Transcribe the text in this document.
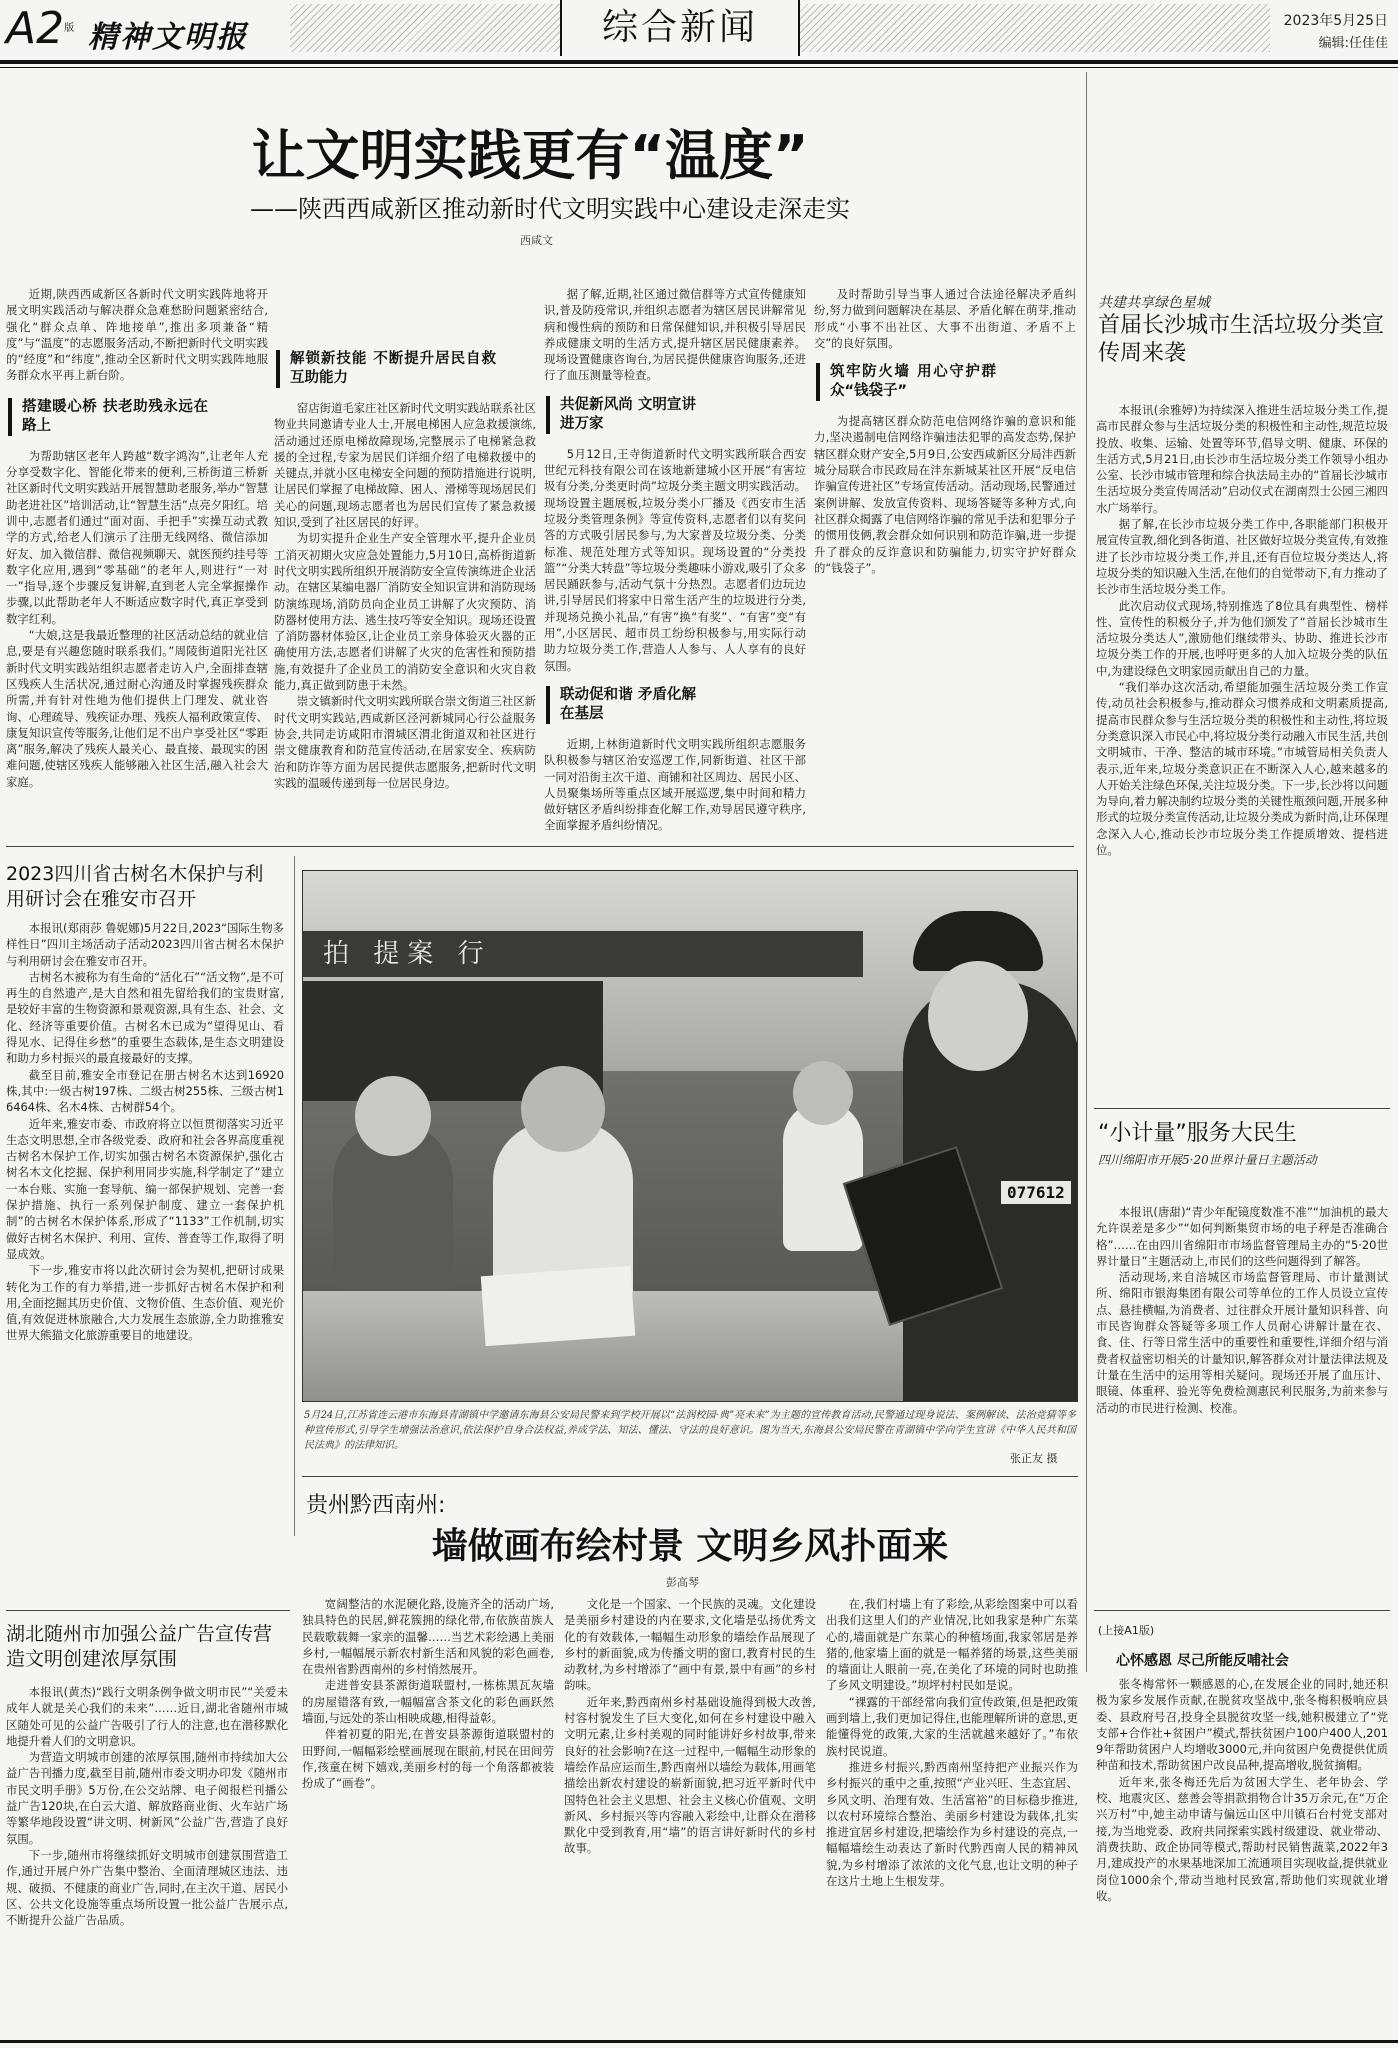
A2版 精神文明报	综合新闻	2023年5月25日
编辑:任佳佳
让文明实践更有“温度”
——陕西西咸新区推动新时代文明实践中心建设走深走实
西咸文

近期,陕西西咸新区各新时代文明实践阵地将开展文明实践活动与解决群众急难愁盼问题紧密结合,强化“群众点单、阵地接单”,推出多项兼备“精度”与“温度”的志愿服务活动,不断把新时代文明实践的“经度”和“纬度”,推动全区新时代文明实践阵地服务群众水平再上新台阶。

搭建暖心桥 扶老助残永远在路上

为帮助辖区老年人跨越“数字鸿沟”,让老年人充分享受数字化、智能化带来的便利,三桥街道三桥新社区新时代文明实践站开展智慧助老服务,举办“智慧助老进社区”培训活动,让“智慧生活”点亮夕阳红。培训中,志愿者们通过“面对面、手把手”实操互动式教学的方式,给老人们演示了注册无线网络、微信添加好友、加入微信群、微信视频聊天、就医预约挂号等数字化应用,遇到“零基础”的老年人,则进行“一对一”指导,逐个步骤反复讲解,直到老人完全掌握操作步骤,以此帮助老年人不断适应数字时代,真正享受到数字红利。

“大娘,这是我最近整理的社区活动总结的就业信息,要是有兴趣您随时联系我们。”周陵街道阳光社区新时代文明实践站组织志愿者走访入户,全面排查辖区残疾人生活状况,通过耐心沟通及时掌握残疾群众所需,并有针对性地为他们提供上门理发、就业咨询、心理疏导、残疾证办理、残疾人福利政策宣传、康复知识宣传等服务,让他们足不出户享受社区“零距离”服务,解决了残疾人最关心、最直接、最现实的困难问题,使辖区残疾人能够融入社区生活,融入社会大家庭。

解锁新技能 不断提升居民自救互助能力

窑店街道毛家庄社区新时代文明实践站联系社区物业共同邀请专业人士,开展电梯困人应急救援演练,活动通过还原电梯故障现场,完整展示了电梯紧急救援的全过程,专家为居民们详细介绍了电梯救援中的关键点,并就小区电梯安全问题的预防措施进行说明,让居民们掌握了电梯故障、困人、滑梯等现场居民们关心的问题,现场志愿者也为居民们宣传了紧急救援知识,受到了社区居民的好评。

为切实提升企业生产安全管理水平,提升企业员工消灭初期火灾应急处置能力,5月10日,高桥街道新时代文明实践所组织开展消防安全宣传演练进企业活动。在辖区某编电器厂消防安全知识宣讲和消防现场防演练现场,消防员向企业员工讲解了火灾预防、消防器材使用方法、逃生技巧等安全知识。现场还设置了消防器材体验区,让企业员工亲身体验灭火器的正确使用方法,志愿者们讲解了火灾的危害性和预防措施,有效提升了企业员工的消防安全意识和火灾自救能力,真正做到防患于未然。

崇文镇新时代文明实践所联合崇文街道三社区新时代文明实践站,西咸新区泾河新城同心行公益服务协会,共同走访咸阳市渭城区渭北街道双和社区进行崇文健康教育和防范宣传活动,在居家安全、疾病防治和防诈等方面为居民提供志愿服务,把新时代文明实践的温暖传递到每一位居民身边。

据了解,近期,社区通过微信群等方式宣传健康知识,普及防疫常识,并组织志愿者为辖区居民讲解常见病和慢性病的预防和日常保健知识,并积极引导居民养成健康文明的生活方式,提升辖区居民健康素养。现场设置健康咨询台,为居民提供健康咨询服务,还进行了血压测量等检查。

共促新风尚 文明宣讲进万家

5月12日,王寺街道新时代文明实践所联合西安世纪元科技有限公司在该地新建城小区开展“有害垃圾有分类,分类更时尚”垃圾分类主题文明实践活动。现场设置主题展板,垃圾分类小厂播及《西安市生活垃圾分类管理条例》等宣传资料,志愿者们以有奖问答的方式吸引居民参与,为大家普及垃圾分类、分类标准、规范处理方式等知识。现场设置的“分类投篮”“分类大转盘”等垃圾分类趣味小游戏,吸引了众多居民踊跃参与,活动气氛十分热烈。志愿者们边玩边讲,引导居民们将家中日常生活产生的垃圾进行分类,并现场兑换小礼品,“有害”换“有奖”、“有害”变“有用”,小区居民、超市员工纷纷积极参与,用实际行动助力垃圾分类工作,营造人人参与、人人享有的良好氛围。

联动促和谐 矛盾化解在基层

近期,上林街道新时代文明实践所组织志愿服务队积极参与辖区治安巡逻工作,同新街道、社区干部一同对沿街主次干道、商铺和社区周边、居民小区、人员聚集场所等重点区域开展巡逻,集中时间和精力做好辖区矛盾纠纷排查化解工作,劝导居民遵守秩序,全面掌握矛盾纠纷情况。

及时帮助引导当事人通过合法途径解决矛盾纠纷,努力做到问题解决在基层、矛盾化解在萌芽,推动形成“小事不出社区、大事不出街道、矛盾不上交”的良好氛围。

筑牢防火墙 用心守护群众“钱袋子”

为提高辖区群众防范电信网络诈骗的意识和能力,坚决遏制电信网络诈骗违法犯罪的高发态势,保护辖区群众财产安全,5月9日,公安西咸新区分局沣西新城分局联合市民政局在沣东新城某社区开展“反电信诈骗宣传进社区”专场宣传活动。活动现场,民警通过案例讲解、发放宣传资料、现场答疑等多种方式,向社区群众揭露了电信网络诈骗的常见手法和犯罪分子的惯用伎俩,教会群众如何识别和防范诈骗,进一步提升了群众的反诈意识和防骗能力,切实守护好群众的“钱袋子”。

共建共享绿色星城
首届长沙城市生活垃圾分类宣传周来袭

本报讯(余雅婷)为持续深入推进生活垃圾分类工作,提高市民群众参与生活垃圾分类的积极性和主动性,规范垃圾投放、收集、运输、处置等环节,倡导文明、健康、环保的生活方式,5月21日,由长沙市生活垃圾分类工作领导小组办公室、长沙市城市管理和综合执法局主办的“首届长沙城市生活垃圾分类宣传周活动”启动仪式在湖南烈士公园三湘四水广场举行。

据了解,在长沙市垃圾分类工作中,各职能部门积极开展宣传宣教,细化到各街道、社区做好垃圾分类宣传,有效推进了长沙市垃圾分类工作,并且,还有百位垃圾分类达人,将垃圾分类的知识融入生活,在他们的自觉带动下,有力推动了长沙市生活垃圾分类工作。

此次启动仪式现场,特别推选了8位具有典型性、榜样性、宣传性的积极分子,并为他们颁发了“首届长沙城市生活垃圾分类达人”,激励他们继续带头、协助、推进长沙市垃圾分类工作的开展,也呼吁更多的人加入垃圾分类的队伍中,为建设绿色文明家园贡献出自己的力量。

“我们举办这次活动,希望能加强生活垃圾分类工作宣传,动员社会积极参与,推动群众习惯养成和文明素质提高,提高市民群众参与生活垃圾分类的积极性和主动性,将垃圾分类意识深入市民心中,将垃圾分类行动融入市民生活,共创文明城市、干净、整洁的城市环境。”市城管局相关负责人表示,近年来,垃圾分类意识正在不断深入人心,越来越多的人开始关注绿色环保,关注垃圾分类。下一步,长沙将以问题为导向,着力解决制约垃圾分类的关键性瓶颈问题,开展多种形式的垃圾分类宣传活动,让垃圾分类成为新时尚,让环保理念深入人心,推动长沙市垃圾分类工作提质增效、提档进位。

“小计量”服务大民生
四川绵阳市开展5·20世界计量日主题活动

本报讯(唐甜)“青少年配镜度数准不准”“加油机的最大允许误差是多少”“如何判断集贸市场的电子秤是否准确合格”……在由四川省绵阳市市场监督管理局主办的“5·20世界计量日”主题活动上,市民们的这些问题得到了解答。

活动现场,来自涪城区市场监督管理局、市计量测试所、绵阳市银海集团有限公司等单位的工作人员设立宣传点、悬挂横幅,为消费者、过往群众开展计量知识科普、向市民咨询群众答疑等多项工作人员耐心讲解计量在衣、食、住、行等日常生活中的重要性和重要性,详细介绍与消费者权益密切相关的计量知识,解答群众对计量法律法规及计量在生活中的运用等相关疑问。现场还开展了血压计、眼镜、体重秤、验光等免费检测惠民利民服务,为前来参与活动的市民进行检测、校准。

2023四川省古树名木保护与利用研讨会在雅安市召开

本报讯(郑雨莎 鲁妮娜)5月22日,2023“国际生物多样性日”四川主场活动子活动2023四川省古树名木保护与利用研讨会在雅安市召开。

古树名木被称为有生命的“活化石”“活文物”,是不可再生的自然遗产,是大自然和祖先留给我们的宝贵财富,是较好丰富的生物资源和景观资源,具有生态、社会、文化、经济等重要价值。古树名木已成为“望得见山、看得见水、记得住乡愁”的重要生态载体,是生态文明建设和助力乡村振兴的最直接最好的支撑。

截至目前,雅安全市登记在册古树名木达到16920株,其中:一级古树197株、二级古树255株、三级古树16464株、名木4株、古树群54个。

近年来,雅安市委、市政府将立以恒贯彻落实习近平生态文明思想,全市各级党委、政府和社会各界高度重视古树名木保护工作,切实加强古树名木资源保护,强化古树名木文化挖掘、保护利用同步实施,科学制定了“建立一本台账、实施一套导航、编一部保护规划、完善一套保护措施、执行一系列保护制度、建立一套保护机制”的古树名木保护体系,形成了“1133”工作机制,切实做好古树名木保护、利用、宣传、普查等工作,取得了明显成效。

下一步,雅安市将以此次研讨会为契机,把研讨成果转化为工作的有力举措,进一步抓好古树名木保护和利用,全面挖掘其历史价值、文物价值、生态价值、观光价值,有效促进林旅融合,大力发展生态旅游,全力助推雅安世界大熊猫文化旅游重要目的地建设。

拍 提案 行
077612
5月24日,江苏省连云港市东海县青湖镇中学邀请东海县公安局民警来到学校开展以“法润校园·典”亮未来”为主题的宣传教育活动,民警通过现身说法、案例解读、法治竞猜等多种宣传形式,引导学生增强法治意识,依法保护自身合法权益,养成学法、知法、懂法、守法的良好意识。图为当天,东海县公安局民警在青湖镇中学向学生宣讲《中华人民共和国民法典》的法律知识。
张正友 摄
贵州黔西南州:
墙做画布绘村景 文明乡风扑面来
彭高琴

宽阔整洁的水泥硬化路,设施齐全的活动广场,独具特色的民居,鲜花簇拥的绿化带,布依族苗族人民载歌载舞一家亲的温馨……当艺术彩绘遇上美丽乡村,一幅幅展示新农村新生活和风貌的彩色画卷,在贵州省黔西南州的乡村悄然展开。

走进普安县茶源街道联盟村,一栋栋黑瓦灰墙的房屋错落有致,一幅幅富含茶文化的彩色画跃然墙面,与远处的茶山相映成趣,相得益彰。

伴着初夏的阳光,在普安县茶源街道联盟村的田野间,一幅幅彩绘壁画展现在眼前,村民在田间劳作,孩童在树下嬉戏,美丽乡村的每一个角落都被装扮成了“画卷”。

文化是一个国家、一个民族的灵魂。文化建设是美丽乡村建设的内在要求,文化墙是弘扬优秀文化的有效载体,一幅幅生动形象的墙绘作品展现了乡村的新面貌,成为传播文明的窗口,教育村民的生动教材,为乡村增添了“画中有景,景中有画”的乡村韵味。

近年来,黔西南州乡村基础设施得到极大改善,村容村貌发生了巨大变化,如何在乡村建设中融入文明元素,让乡村美观的同时能讲好乡村故事,带来良好的社会影响?在这一过程中,一幅幅生动形象的墙绘作品应运而生,黔西南州以墙绘为载体,用画笔描绘出新农村建设的崭新面貌,把习近平新时代中国特色社会主义思想、社会主义核心价值观、文明新风、乡村振兴等内容融入彩绘中,让群众在潜移默化中受到教育,用“墙”的语言讲好新时代的乡村故事。

在,我们村墙上有了彩绘,从彩绘图案中可以看出我们这里人们的产业情况,比如我家是种广东菜心的,墙面就是广东菜心的种植场面,我家邻居是养猪的,他家墙上面的就是一幅养猪的场景,这些美丽的墙面让人眼前一亮,在美化了环境的同时也助推了乡风文明建设。”坝坪村村民如是说。

“裸露的干部经常向我们宣传政策,但是把政策画到墙上,我们更加记得住,也能理解所讲的意思,更能懂得党的政策,大家的生活就越来越好了。”布依族村民说道。

推进乡村振兴,黔西南州坚持把产业振兴作为乡村振兴的重中之重,按照“产业兴旺、生态宜居、乡风文明、治理有效、生活富裕”的目标稳步推进,以农村环境综合整治、美丽乡村建设为载体,扎实推进宜居乡村建设,把墙绘作为乡村建设的亮点,一幅幅墙绘生动表达了新时代黔西南人民的精神风貌,为乡村增添了浓浓的文化气息,也让文明的种子在这片土地上生根发芽。

湖北随州市加强公益广告宣传营造文明创建浓厚氛围

本报讯(黄杰)“践行文明条例争做文明市民”“关爱未成年人就是关心我们的未来”……近日,湖北省随州市城区随处可见的公益广告吸引了行人的注意,也在潜移默化地提升着人们的文明意识。

为营造文明城市创建的浓厚氛围,随州市持续加大公益广告刊播力度,截至目前,随州市委文明办印发《随州市市民文明手册》5万份,在公交站牌、电子阅报栏刊播公益广告120块,在白云大道、解放路商业街、火车站广场等繁华地段设置“讲文明、树新风”公益广告,营造了良好氛围。

下一步,随州市将继续抓好文明城市创建氛围营造工作,通过开展户外广告集中整治、全面清理城区违法、违规、破损、不健康的商业广告,同时,在主次干道、居民小区、公共文化设施等重点场所设置一批公益广告展示点,不断提升公益广告品质。

(上接A1版)
心怀感恩 尽己所能反哺社会

张冬梅常怀一颗感恩的心,在发展企业的同时,她还积极为家乡发展作贡献,在脱贫攻坚战中,张冬梅积极响应县委、县政府号召,投身全县脱贫攻坚一线,她积极建立了“党支部+合作社+贫困户”模式,帮扶贫困户100户400人,2019年帮助贫困户人均增收3000元,并向贫困户免费提供优质种苗和技术,帮助贫困户改良品种,提高增收,脱贫摘帽。

近年来,张冬梅还先后为贫困大学生、老年协会、学校、地震灾区、慈善会等捐款捐物合计35万余元,在“万企兴万村”中,她主动申请与偏远山区中川镇石台村党支部对接,为当地党委、政府共同探索实践村级建设、就业带动、消费扶助、政企协同等模式,帮助村民销售蔬菜,2022年3月,建成投产的水果基地深加工流通项目实现收益,提供就业岗位1000余个,带动当地村民致富,帮助他们实现就业增收。
